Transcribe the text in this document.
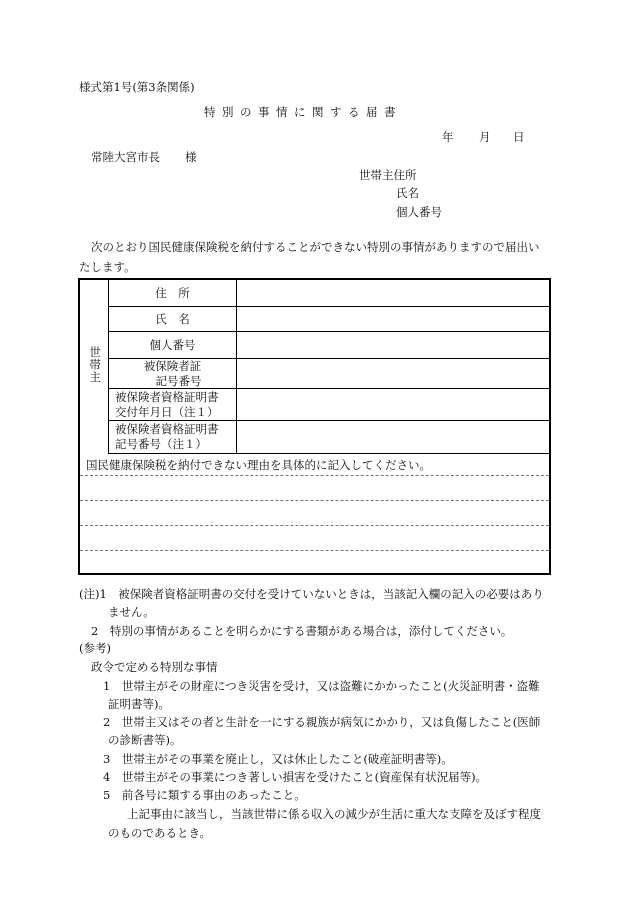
様式第1号(第3条関係)
特別の事情に関する届書
年 月 日
常陸大宮市長 様
世帯主住所
氏名
個人番号
次のとおり国民健康保険税を納付することができない特別の事情がありますので届出い
たします。
世帯主
住　所
氏　名
個人番号
被保険者証
記号番号
被保険者資格証明書
交付年月日（注１）
被保険者資格証明書
記号番号（注１）
国民健康保険税を納付できない理由を具体的に記入してください。
(注)1　被保険者資格証明書の交付を受けていないときは，当該記入欄の記入の必要はあり
ません。
2　特別の事情があることを明らかにする書類がある場合は，添付してください。
(参考)
政令で定める特別な事情
1　世帯主がその財産につき災害を受け，又は盗難にかかったこと(火災証明書・盗難
証明書等)。
2　世帯主又はその者と生計を一にする親族が病気にかかり，又は負傷したこと(医師
の診断書等)。
3　世帯主がその事業を廃止し，又は休止したこと(破産証明書等)。
4　世帯主がその事業につき著しい損害を受けたこと(資産保有状況届等)。
5　前各号に類する事由のあったこと。
上記事由に該当し，当該世帯に係る収入の減少が生活に重大な支障を及ぼす程度
のものであるとき。
